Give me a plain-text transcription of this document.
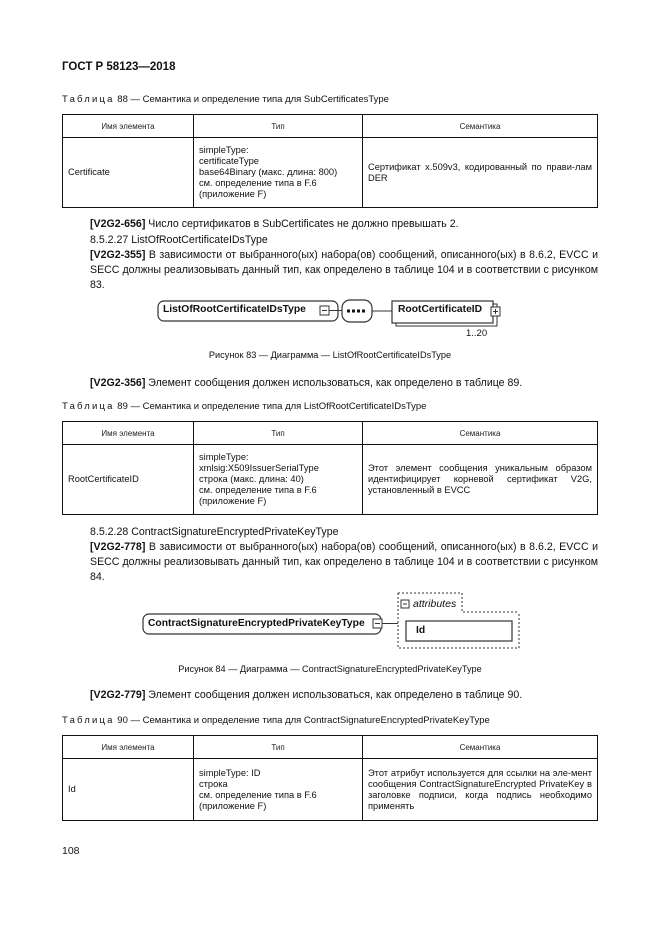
ГОСТ Р 58123—2018
Таблица 88 — Семантика и определение типа для SubCertificatesType
Имя элемента	Тип	Семантика
Certificate	simpleType:
certificateType
base64Binary (макс. длина: 800)
см. определение типа в F.6
(приложение F)	Сертификат x.509v3, кодированный по прави-лам DER
[V2G2-656] Число сертификатов в SubCertificates не должно превышать 2.
8.5.2.27 ListOfRootCertificateIDsType
[V2G2-355] В зависимости от выбранного(ых) набора(ов) сообщений, описанного(ых) в 8.6.2, EVCC и SECC должны реализовывать данный тип, как определено в таблице 104 и в соответствии с рисунком 83.
ListOfRootCertificateIDsType	RootCertificateID
1..20
Рисунок 83 — Диаграмма — ListOfRootCertificateIDsType
[V2G2-356] Элемент сообщения должен использоваться, как определено в таблице 89.
Таблица 89 — Семантика и определение типа для ListOfRootCertificateIDsType
Имя элемента	Тип	Семантика
RootCertificateID	simpleType:
xmlsig:X509IssuerSerialType
строка (макс. длина: 40)
см. определение типа в F.6
(приложение F)	Этот элемент сообщения уникальным образом идентифицирует корневой сертификат V2G, установленный в EVCC
8.5.2.28 ContractSignatureEncryptedPrivateKeyType
[V2G2-778] В зависимости от выбранного(ых) набора(ов) сообщений, описанного(ых) в 8.6.2, EVCC и SECC должны реализовывать данный тип, как определено в таблице 104 и в соответствии с рисунком 84.
ContractSignatureEncryptedPrivateKeyType
attributes
Id
Рисунок 84 — Диаграмма — ContractSignatureEncryptedPrivateKeyType
[V2G2-779] Элемент сообщения должен использоваться, как определено в таблице 90.
Таблица 90 — Семантика и определение типа для ContractSignatureEncryptedPrivateKeyType
Имя элемента	Тип	Семантика
Id	simpleType: ID
строка
см. определение типа в F.6
(приложение F)	Этот атрибут используется для ссылки на эле-мент сообщения ContractSignatureEncrypted PrivateKey в заголовке подписи, когда подпись необходимо применять
108
